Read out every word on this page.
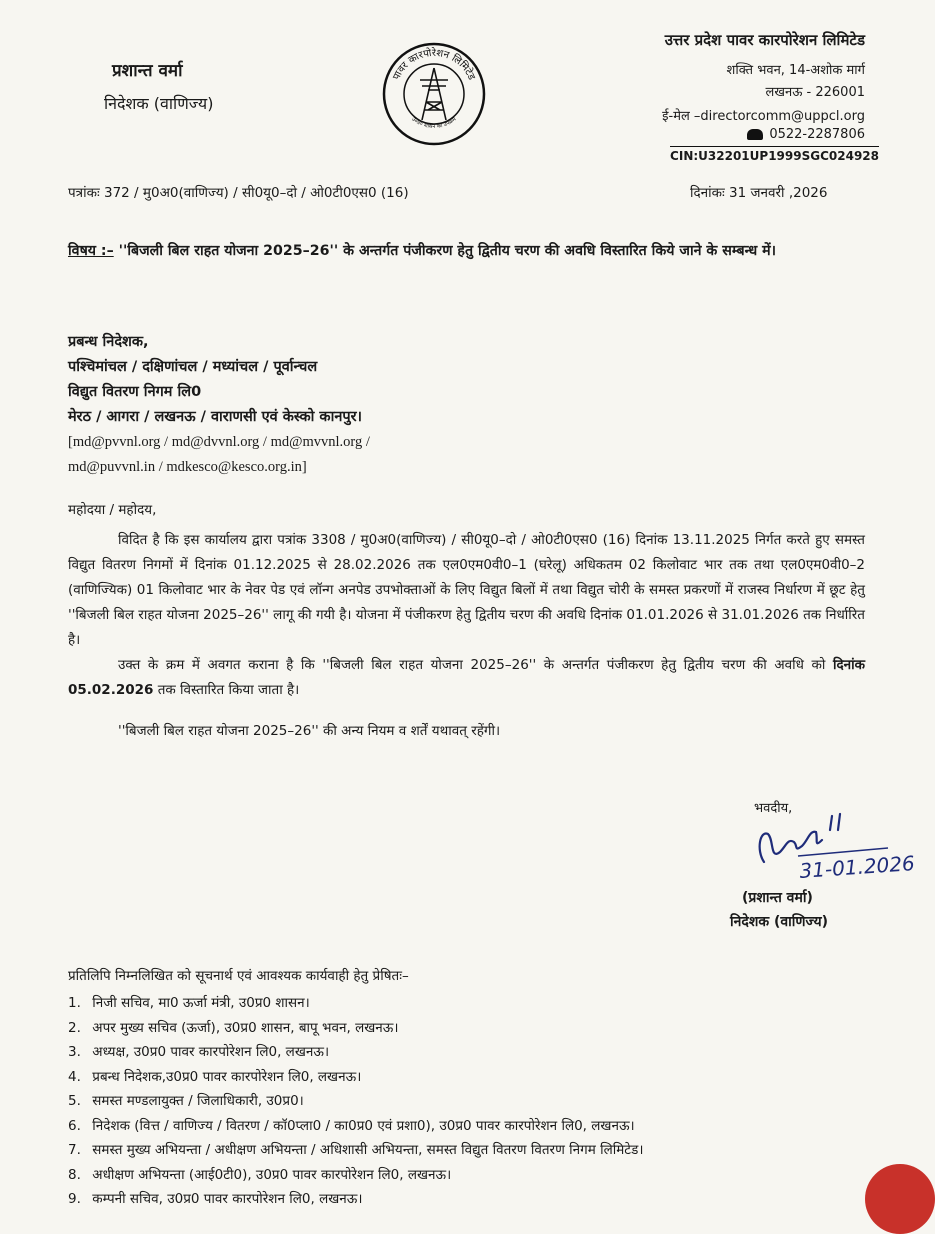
प्रशान्त वर्मा
निदेशक (वाणिज्य)
पावर कारपोरेशन लिमिटेड
उ०प्र० शासन का उपक्रम
उत्तर प्रदेश पावर कारपोरेशन लिमिटेड
शक्ति भवन, 14-अशोक मार्ग
लखनऊ - 226001
ई-मेल –directorcomm@uppcl.org
0522-2287806
CIN:U32201UP1999SGC024928
पत्रांकः 372 / मु0अ0(वाणिज्य) / सी0यू0–दो / ओ0टी0एस0 (16)	दिनांकः 31 जनवरी ,2026
विषय :– ''बिजली बिल राहत योजना 2025–26'' के अन्तर्गत पंजीकरण हेतु द्वितीय चरण की अवधि विस्तारित किये जाने के सम्बन्ध में।
प्रबन्ध निदेशक,
पश्चिमांचल / दक्षिणांचल / मध्यांचल / पूर्वान्चल
विद्युत वितरण निगम लि0
मेरठ / आगरा / लखनऊ / वाराणसी एवं केस्को कानपुर।
[md@pvvnl.org / md@dvvnl.org / md@mvvnl.org /
md@puvvnl.in / mdkesco@kesco.org.in]
महोदया / महोदय,

विदित है कि इस कार्यालय द्वारा पत्रांक 3308 / मु0अ0(वाणिज्य) / सी0यू0–दो / ओ0टी0एस0 (16) दिनांक 13.11.2025 निर्गत करते हुए समस्त विद्युत वितरण निगमों में दिनांक 01.12.2025 से 28.02.2026 तक एल0एम0वी0–1 (घरेलू) अधिकतम 02 किलोवाट भार तक तथा एल0एम0वी0–2 (वाणिज्यिक) 01 किलोवाट भार के नेवर पेड एवं लॉन्ग अनपेड उपभोक्ताओं के लिए विद्युत बिलों में तथा विद्युत चोरी के समस्त प्रकरणों में राजस्व निर्धारण में छूट हेतु ''बिजली बिल राहत योजना 2025–26'' लागू की गयी है। योजना में पंजीकरण हेतु द्वितीय चरण की अवधि दिनांक 01.01.2026 से 31.01.2026 तक निर्धारित है।

उक्त के क्रम में अवगत कराना है कि ''बिजली बिल राहत योजना 2025–26'' के अन्तर्गत पंजीकरण हेतु द्वितीय चरण की अवधि को दिनांक 05.02.2026 तक विस्तारित किया जाता है।

''बिजली बिल राहत योजना 2025–26'' की अन्य नियम व शर्तें यथावत् रहेंगी।

भवदीय,
31-01.2026
(प्रशान्त वर्मा)
निदेशक (वाणिज्य)
प्रतिलिपि निम्नलिखित को सूचनार्थ एवं आवश्यक कार्यवाही हेतु प्रेषितः–
1. निजी सचिव, मा0 ऊर्जा मंत्री, उ0प्र0 शासन।
2. अपर मुख्य सचिव (ऊर्जा), उ0प्र0 शासन, बापू भवन, लखनऊ।
3. अध्यक्ष, उ0प्र0 पावर कारपोरेशन लि0, लखनऊ।
4. प्रबन्ध निदेशक,उ0प्र0 पावर कारपोरेशन लि0, लखनऊ।
5. समस्त मण्डलायुक्त / जिलाधिकारी, उ0प्र0।
6. निदेशक (वित्त / वाणिज्य / वितरण / कॉ0प्ला0 / का0प्र0 एवं प्रशा0), उ0प्र0 पावर कारपोरेशन लि0, लखनऊ।
7. समस्त मुख्य अभियन्ता / अधीक्षण अभियन्ता / अधिशासी अभियन्ता, समस्त विद्युत वितरण वितरण निगम लिमिटेड।
8. अधीक्षण अभियन्ता (आई0टी0), उ0प्र0 पावर कारपोरेशन लि0, लखनऊ।
9. कम्पनी सचिव, उ0प्र0 पावर कारपोरेशन लि0, लखनऊ।
